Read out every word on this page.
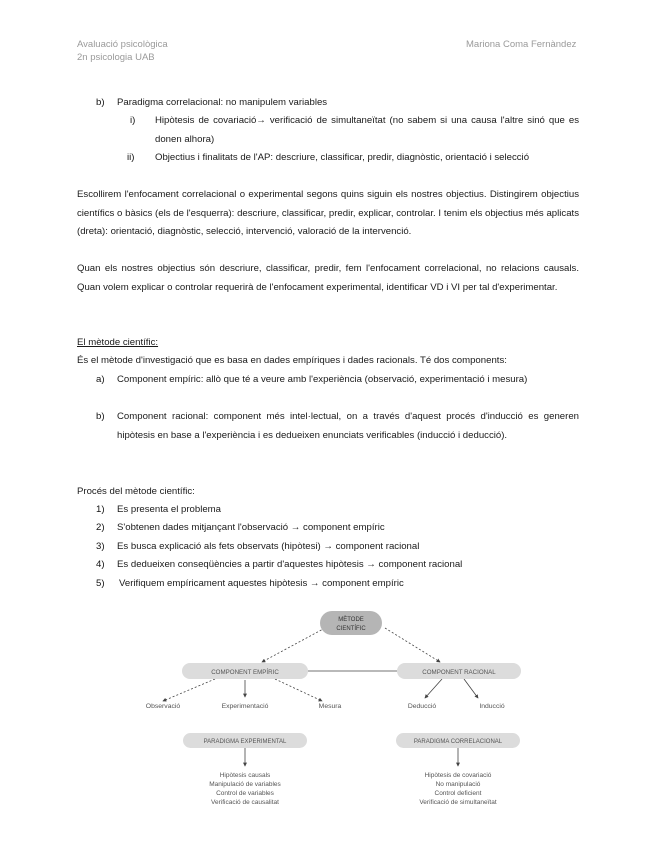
Avaluació psicològica
2n psicologia UAB
Mariona Coma Fernàndez
b) Paradigma correlacional: no manipulem variables
i) Hipòtesis de covariació→ verificació de simultaneïtat (no sabem si una causa l'altre sinó que es donen alhora)
ii) Objectius i finalitats de l'AP: descriure, classificar, predir, diagnòstic, orientació i selecció
Escollirem l'enfocament correlacional o experimental segons quins siguin els nostres objectius. Distingirem objectius científics o bàsics (els de l'esquerra): descriure, classificar, predir, explicar, controlar. I tenim els objectius més aplicats (dreta): orientació, diagnòstic, selecció, intervenció, valoració de la intervenció.
Quan els nostres objectius són descriure, classificar, predir, fem l'enfocament correlacional, no relacions causals. Quan volem explicar o controlar requerirà de l'enfocament experimental, identificar VD i VI per tal d'experimentar.
El mètode científic:
És el mètode d'investigació que es basa en dades empíriques i dades racionals. Té dos components:
a) Component empíric: allò que té a veure amb l'experiència (observació, experimentació i mesura)
b) Component racional: component més intel·lectual, on a través d'aquest procés d'inducció es generen hipòtesis en base a l'experiència i es dedueixen enunciats verificables (inducció i deducció).
Procés del mètode científic:
1) Es presenta el problema
2) S'obtenen dades mitjançant l'observació → component empíric
3) Es busca explicació als fets observats (hipòtesi) → component racional
4) Es dedueixen conseqüències a partir d'aquestes hipòtesis → component racional
5) Verifiquem empíricament aquestes hipòtesis → component empíric
MÈTODE
CIENTÍFIC
COMPONENT EMPÍRIC	COMPONENT RACIONAL
Observació	Experimentació	Mesura	Deducció	Inducció
PARADIGMA EXPERIMENTAL	PARADIGMA CORRELACIONAL
Hipòtesis causals
Manipulació de variables
Control de variables
Verificació de causalitat
Hipòtesis de covariació
No manipulació
Control deficient
Verificació de simultaneïtat
